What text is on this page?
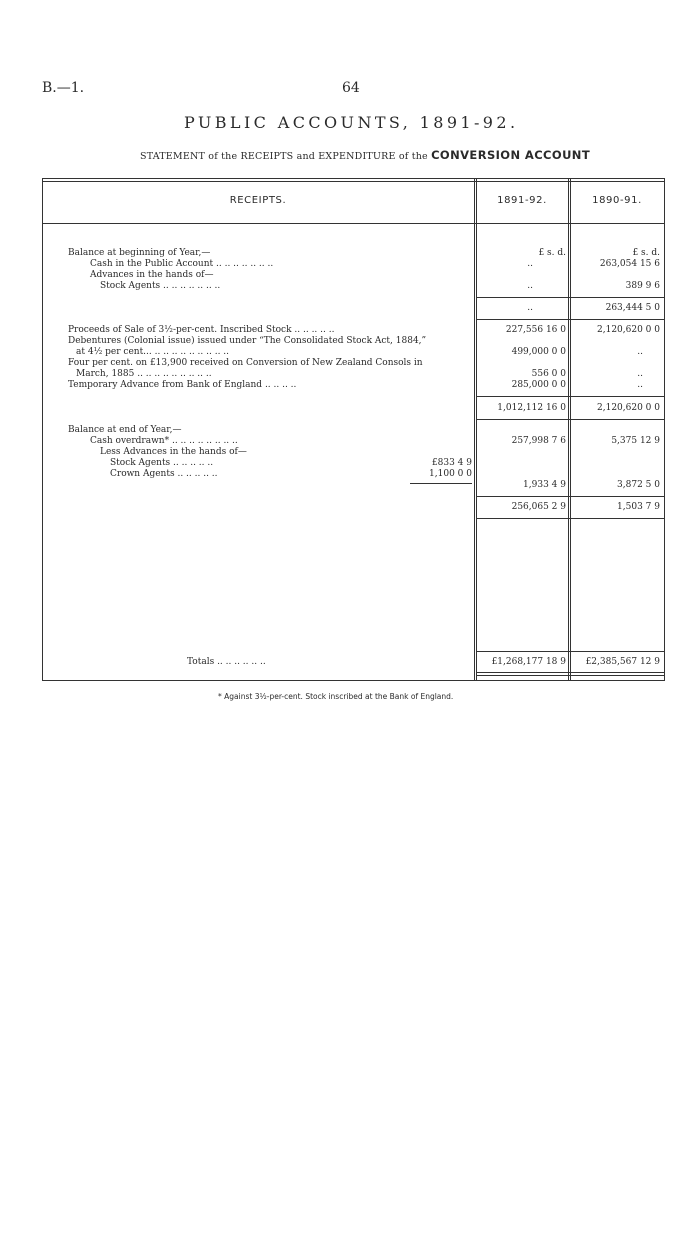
B.—1.	64
PUBLIC ACCOUNTS, 1891-92.
STATEMENT of the RECEIPTS and EXPENDITURE of the CONVERSION ACCOUNT
RECEIPTS.	1891-92.	1890-91.
£ s. d.	£ s. d.
Balance at beginning of Year,—
Cash in the Public Account .. .. .. .. .. .. ..	..	263,054 15 6
Advances in the hands of—
Stock Agents .. .. .. .. .. .. ..	..	389 9 6
..	263,444 5 0
Proceeds of Sale of 3½-per-cent. Inscribed Stock .. .. .. .. ..	227,556 16 0	2,120,620 0 0
Debentures (Colonial issue) issued under “The Consolidated Stock Act, 1884,”
at 4½ per cent... .. .. .. .. .. .. .. .. ..	499,000 0 0	..
Four per cent. on £13,900 received on Conversion of New Zealand Consols in
March, 1885 .. .. .. .. .. .. .. .. ..	556 0 0	..
Temporary Advance from Bank of England .. .. .. ..	285,000 0 0	..
1,012,112 16 0	2,120,620 0 0
Balance at end of Year,—
Cash overdrawn* .. .. .. .. .. .. .. ..	257,998 7 6	5,375 12 9
Less Advances in the hands of—
Stock Agents .. .. .. .. ..	£833 4 9
Crown Agents .. .. .. .. ..	1,100 0 0
1,933 4 9	3,872 5 0
256,065 2 9	1,503 7 9
Totals .. .. .. .. .. ..	£1,268,177 18 9 £2,385,567 12 9
* Against 3½-per-cent. Stock inscribed at the Bank of England.
